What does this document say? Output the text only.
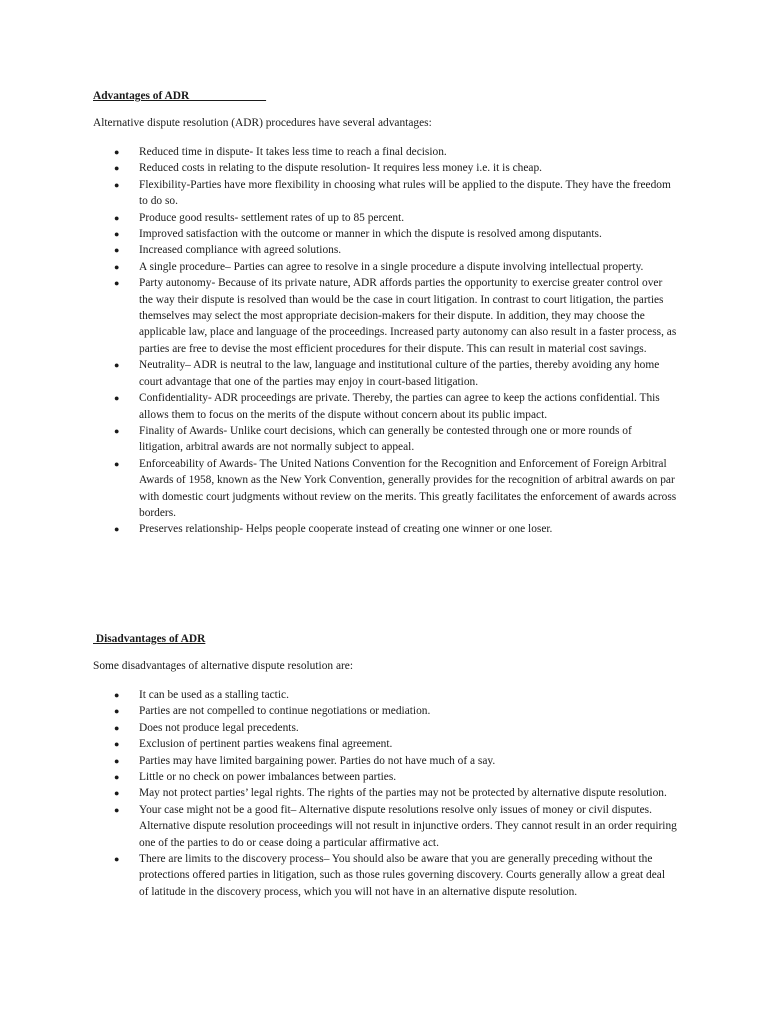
Advantages of ADR

Alternative dispute resolution (ADR) procedures have several advantages:

● Reduced time in dispute- It takes less time to reach a final decision.
● Reduced costs in relating to the dispute resolution- It requires less money i.e. it is cheap.
● Flexibility-Parties have more flexibility in choosing what rules will be applied to the dispute. They have the freedom to do so.
● Produce good results- settlement rates of up to 85 percent.
● Improved satisfaction with the outcome or manner in which the dispute is resolved among disputants.
● Increased compliance with agreed solutions.
● A single procedure– Parties can agree to resolve in a single procedure a dispute involving intellectual property.
● Party autonomy- Because of its private nature, ADR affords parties the opportunity to exercise greater control over the way their dispute is resolved than would be the case in court litigation. In contrast to court litigation, the parties themselves may select the most appropriate decision-makers for their dispute. In addition, they may choose the applicable law, place and language of the proceedings. Increased party autonomy can also result in a faster process, as parties are free to devise the most efficient procedures for their dispute. This can result in material cost savings.
● Neutrality– ADR is neutral to the law, language and institutional culture of the parties, thereby avoiding any home court advantage that one of the parties may enjoy in court-based litigation.
● Confidentiality- ADR proceedings are private. Thereby, the parties can agree to keep the actions confidential. This allows them to focus on the merits of the dispute without concern about its public impact.
● Finality of Awards- Unlike court decisions, which can generally be contested through one or more rounds of litigation, arbitral awards are not normally subject to appeal.
● Enforceability of Awards- The United Nations Convention for the Recognition and Enforcement of Foreign Arbitral Awards of 1958, known as the New York Convention, generally provides for the recognition of arbitral awards on par with domestic court judgments without review on the merits. This greatly facilitates the enforcement of awards across borders.
● Preserves relationship- Helps people cooperate instead of creating one winner or one loser.

Disadvantages of ADR

Some disadvantages of alternative dispute resolution are:

● It can be used as a stalling tactic.
● Parties are not compelled to continue negotiations or mediation.
● Does not produce legal precedents.
● Exclusion of pertinent parties weakens final agreement.
● Parties may have limited bargaining power. Parties do not have much of a say.
● Little or no check on power imbalances between parties.
● May not protect parties’ legal rights. The rights of the parties may not be protected by alternative dispute resolution.
● Your case might not be a good fit– Alternative dispute resolutions resolve only issues of money or civil disputes. Alternative dispute resolution proceedings will not result in injunctive orders. They cannot result in an order requiring one of the parties to do or cease doing a particular affirmative act.
● There are limits to the discovery process– You should also be aware that you are generally preceding without the protections offered parties in litigation, such as those rules governing discovery. Courts generally allow a great deal of latitude in the discovery process, which you will not have in an alternative dispute resolution.
